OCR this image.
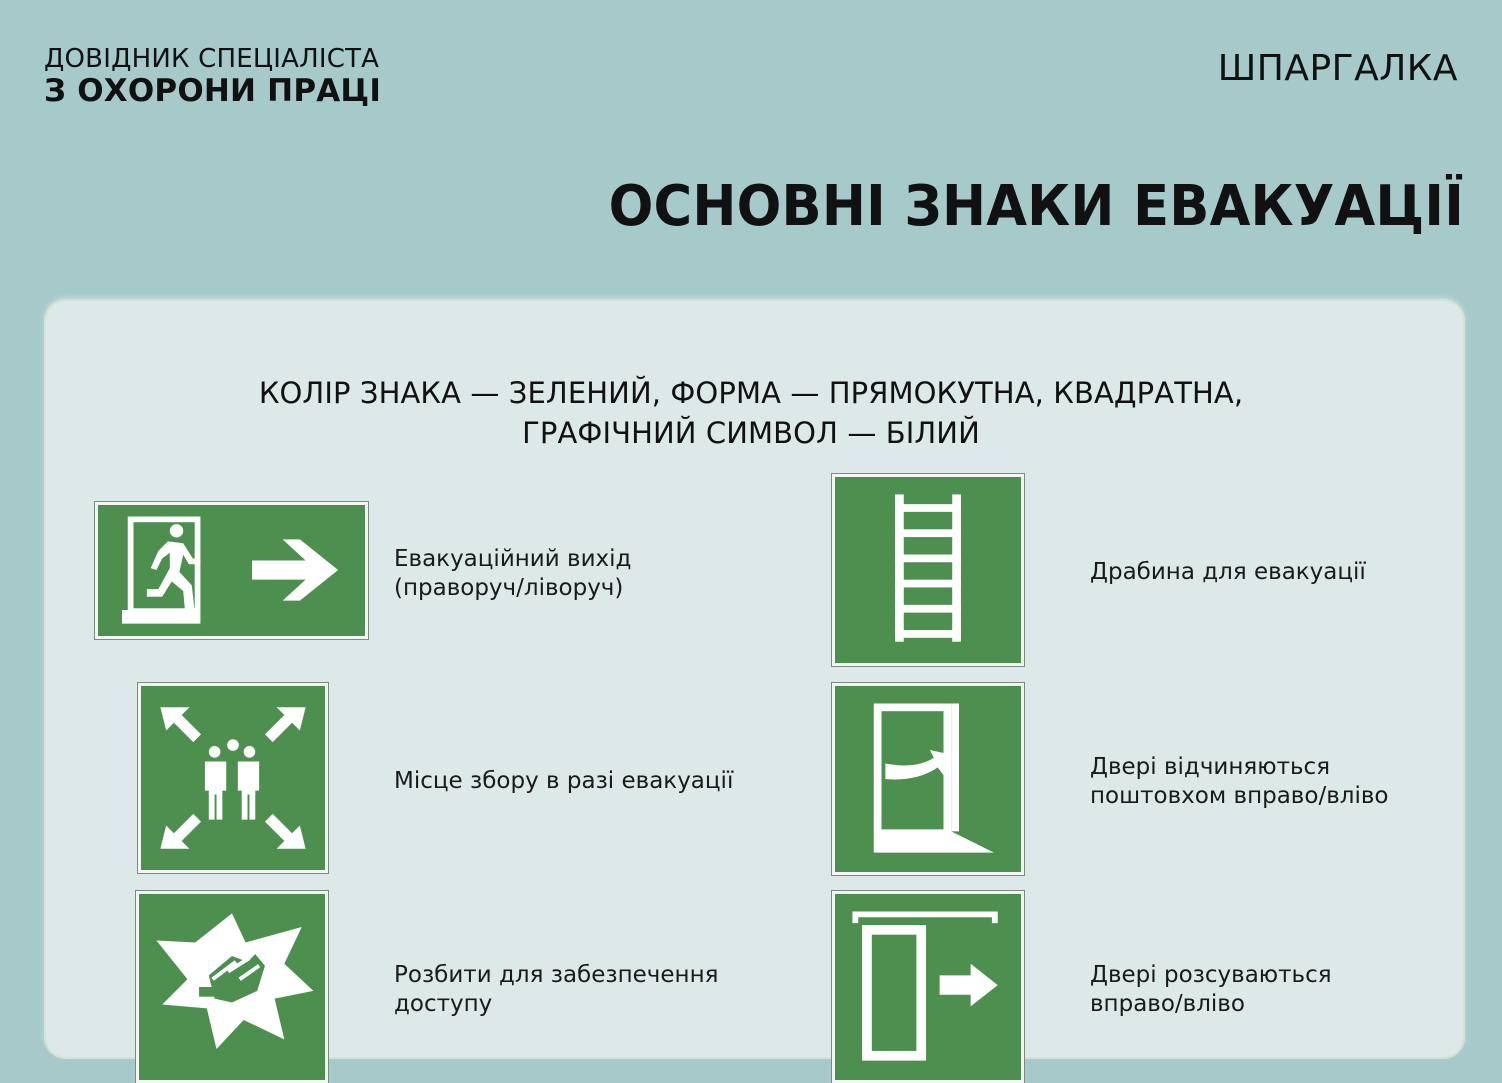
ДОВІДНИК СПЕЦІАЛІСТА
З ОХОРОНИ ПРАЦІ
ШПАРГАЛКА
ОСНОВНІ ЗНАКИ ЕВАКУАЦІЇ
КОЛІР ЗНАКА — ЗЕЛЕНИЙ, ФОРМА — ПРЯМОКУТНА, КВАДРАТНА,
ГРАФІЧНИЙ СИМВОЛ — БІЛИЙ
Евакуаційний вихід
(праворуч/ліворуч)
Драбина для евакуації
Місце збору в разі евакуації
Двері відчиняються
поштовхом вправо/вліво
Розбити для забезпечення
доступу
Двері розсуваються
вправо/вліво
